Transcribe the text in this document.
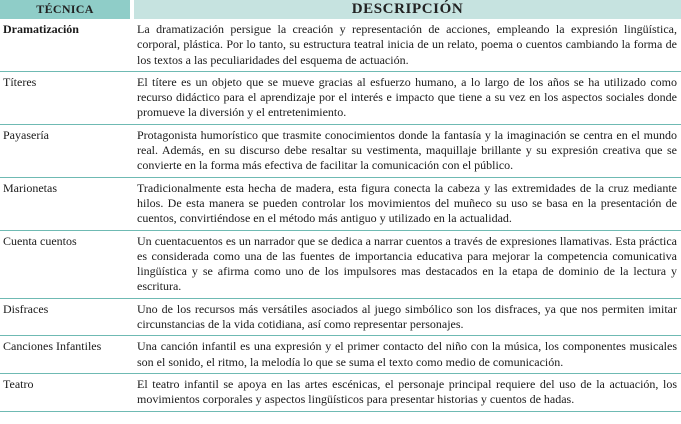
TÉCNICA	DESCRIPCIÓN
Dramatización	La dramatización persigue la creación y representación de acciones, empleando la expresión lingüística, corporal, plástica. Por lo tanto, su estructura teatral inicia de un relato, poema o cuentos cambiando la forma de los textos a las peculiaridades del esquema de actuación.
Títeres	El títere es un objeto que se mueve gracias al esfuerzo humano, a lo largo de los años se ha utilizado como recurso didáctico para el aprendizaje por el interés e impacto que tiene a su vez en los aspectos sociales donde promueve la diversión y el entretenimiento.
Payasería	Protagonista humorístico que trasmite conocimientos donde la fantasía y la imaginación se centra en el mundo real. Además, en su discurso debe resaltar su vestimenta, maquillaje brillante y su expresión creativa que se convierte en la forma más efectiva de facilitar la comunicación con el público.
Marionetas	Tradicionalmente esta hecha de madera, esta figura conecta la cabeza y las extremidades de la cruz mediante hilos. De esta manera se pueden controlar los movimientos del muñeco su uso se basa en la presentación de cuentos, convirtiéndose en el método más antiguo y utilizado en la actualidad.
Cuenta cuentos	Un cuentacuentos es un narrador que se dedica a narrar cuentos a través de expresiones llamativas. Esta práctica es considerada como una de las fuentes de importancia educativa para mejorar la competencia comunicativa lingüística y se afirma como uno de los impulsores mas destacados en la etapa de dominio de la lectura y escritura.
Disfraces	Uno de los recursos más versátiles asociados al juego simbólico son los disfraces, ya que nos permiten imitar circunstancias de la vida cotidiana, así como representar personajes.
Canciones Infantiles	Una canción infantil es una expresión y el primer contacto del niño con la música, los componentes musicales son el sonido, el ritmo, la melodía lo que se suma el texto como medio de comunicación.
Teatro	El teatro infantil se apoya en las artes escénicas, el personaje principal requiere del uso de la actuación, los movimientos corporales y aspectos lingüísticos para presentar historias y cuentos de hadas.
